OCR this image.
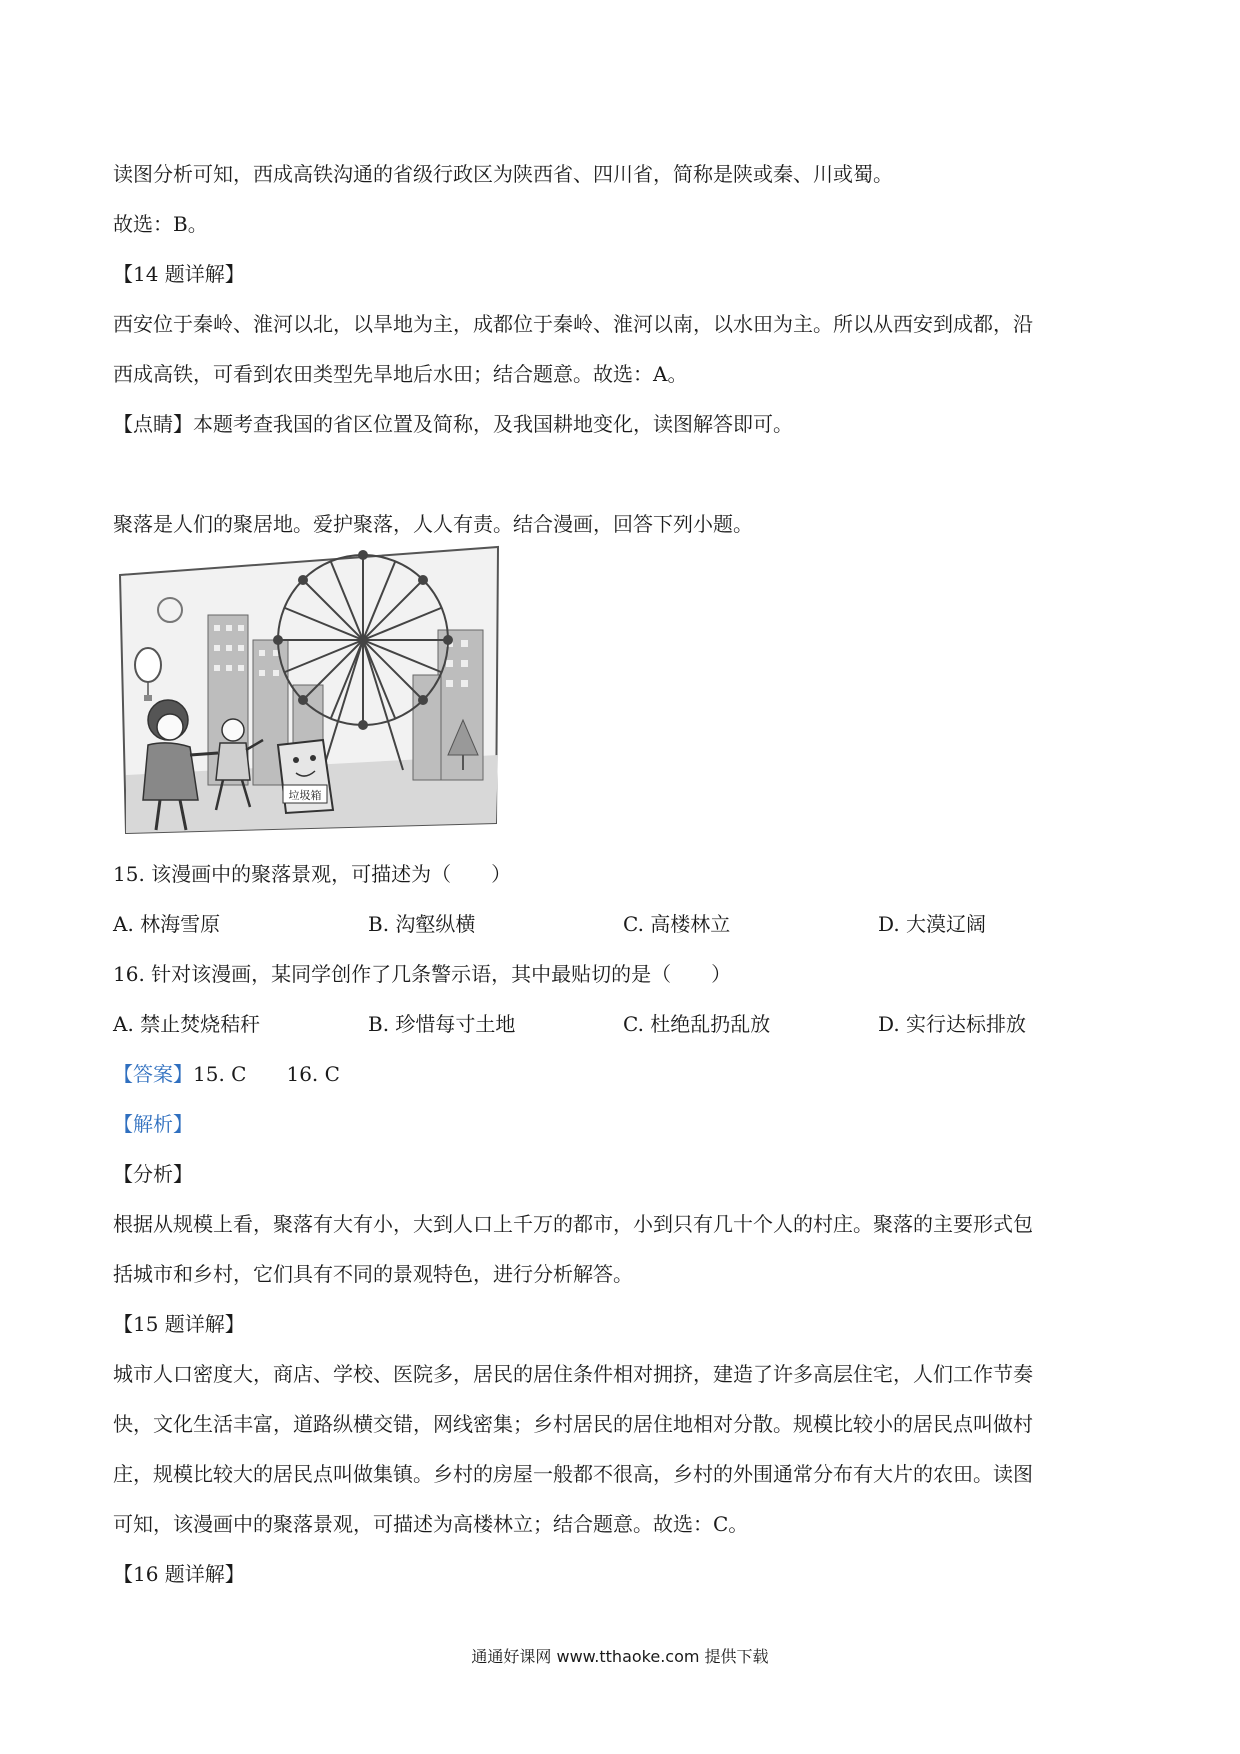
读图分析可知，西成高铁沟通的省级行政区为陕西省、四川省，简称是陕或秦、川或蜀。
故选：B。
【14 题详解】
西安位于秦岭、淮河以北，以旱地为主，成都位于秦岭、淮河以南，以水田为主。所以从西安到成都，沿
西成高铁，可看到农田类型先旱地后水田；结合题意。故选：A。
【点睛】本题考查我国的省区位置及简称，及我国耕地变化，读图解答即可。
聚落是人们的聚居地。爱护聚落，人人有责。结合漫画，回答下列小题。
垃圾箱
15. 该漫画中的聚落景观，可描述为（　　）
A. 林海雪原	B. 沟壑纵横	C. 高楼林立	D. 大漠辽阔
16. 针对该漫画，某同学创作了几条警示语，其中最贴切的是（　　）
A. 禁止焚烧秸秆	B. 珍惜每寸土地	C. 杜绝乱扔乱放	D. 实行达标排放
【答案】15. C　　16. C
【解析】
【分析】
根据从规模上看，聚落有大有小，大到人口上千万的都市，小到只有几十个人的村庄。聚落的主要形式包
括城市和乡村，它们具有不同的景观特色，进行分析解答。
【15 题详解】
城市人口密度大，商店、学校、医院多，居民的居住条件相对拥挤，建造了许多高层住宅，人们工作节奏
快，文化生活丰富，道路纵横交错，网线密集；乡村居民的居住地相对分散。规模比较小的居民点叫做村
庄，规模比较大的居民点叫做集镇。乡村的房屋一般都不很高，乡村的外围通常分布有大片的农田。读图
可知，该漫画中的聚落景观，可描述为高楼林立；结合题意。故选：C。
【16 题详解】
通通好课网 www.tthaoke.com 提供下载
